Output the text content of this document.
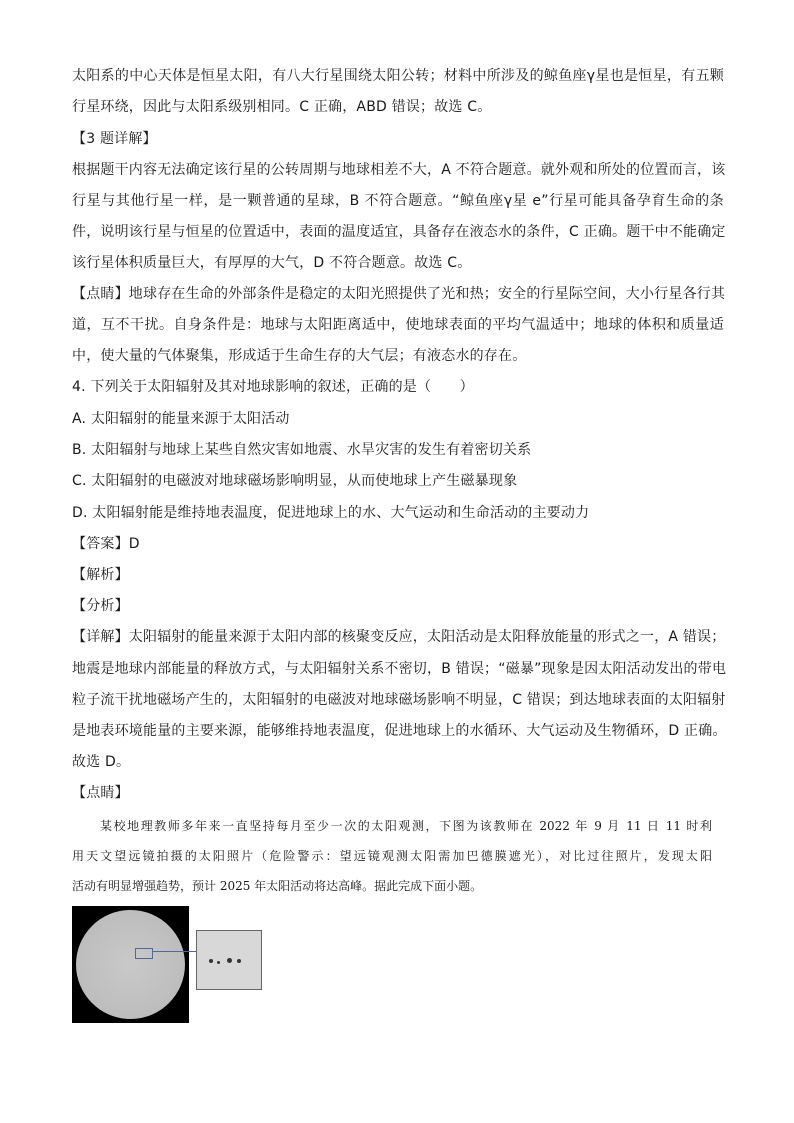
太阳系的中心天体是恒星太阳，有八大行星围绕太阳公转；材料中所涉及的鲸鱼座γ星也是恒星，有五颗
行星环绕，因此与太阳系级别相同。C 正确，ABD 错误；故选 C。
【3 题详解】
根据题干内容无法确定该行星的公转周期与地球相差不大，A 不符合题意。就外观和所处的位置而言，该
行星与其他行星一样，是一颗普通的星球，B 不符合题意。“鲸鱼座γ星 e”行星可能具备孕育生命的条
件，说明该行星与恒星的位置适中，表面的温度适宜，具备存在液态水的条件，C 正确。题干中不能确定
该行星体积质量巨大，有厚厚的大气，D 不符合题意。故选 C。
【点睛】地球存在生命的外部条件是稳定的太阳光照提供了光和热；安全的行星际空间，大小行星各行其
道，互不干扰。自身条件是：地球与太阳距离适中，使地球表面的平均气温适中；地球的体积和质量适
中，使大量的气体聚集，形成适于生命生存的大气层；有液态水的存在。
4. 下列关于太阳辐射及其对地球影响的叙述，正确的是（　　）
A. 太阳辐射的能量来源于太阳活动
B. 太阳辐射与地球上某些自然灾害如地震、水旱灾害的发生有着密切关系
C. 太阳辐射的电磁波对地球磁场影响明显，从而使地球上产生磁暴现象
D. 太阳辐射能是维持地表温度，促进地球上的水、大气运动和生命活动的主要动力
【答案】D
【解析】
【分析】
【详解】太阳辐射的能量来源于太阳内部的核聚变反应，太阳活动是太阳释放能量的形式之一，A 错误；
地震是地球内部能量的释放方式，与太阳辐射关系不密切，B 错误；“磁暴”现象是因太阳活动发出的带电
粒子流干扰地磁场产生的，太阳辐射的电磁波对地球磁场影响不明显，C 错误；到达地球表面的太阳辐射
是地表环境能量的主要来源，能够维持地表温度，促进地球上的水循环、大气运动及生物循环，D 正确。
故选 D。
【点睛】
某校地理教师多年来一直坚持每月至少一次的太阳观测，下图为该教师在 2022 年 9 月 11 日 11 时利
用天文望远镜拍摄的太阳照片（危险警示：望远镜观测太阳需加巴德膜遮光），对比过往照片，发现太阳
活动有明显增强趋势，预计 2025 年太阳活动将达高峰。据此完成下面小题。
